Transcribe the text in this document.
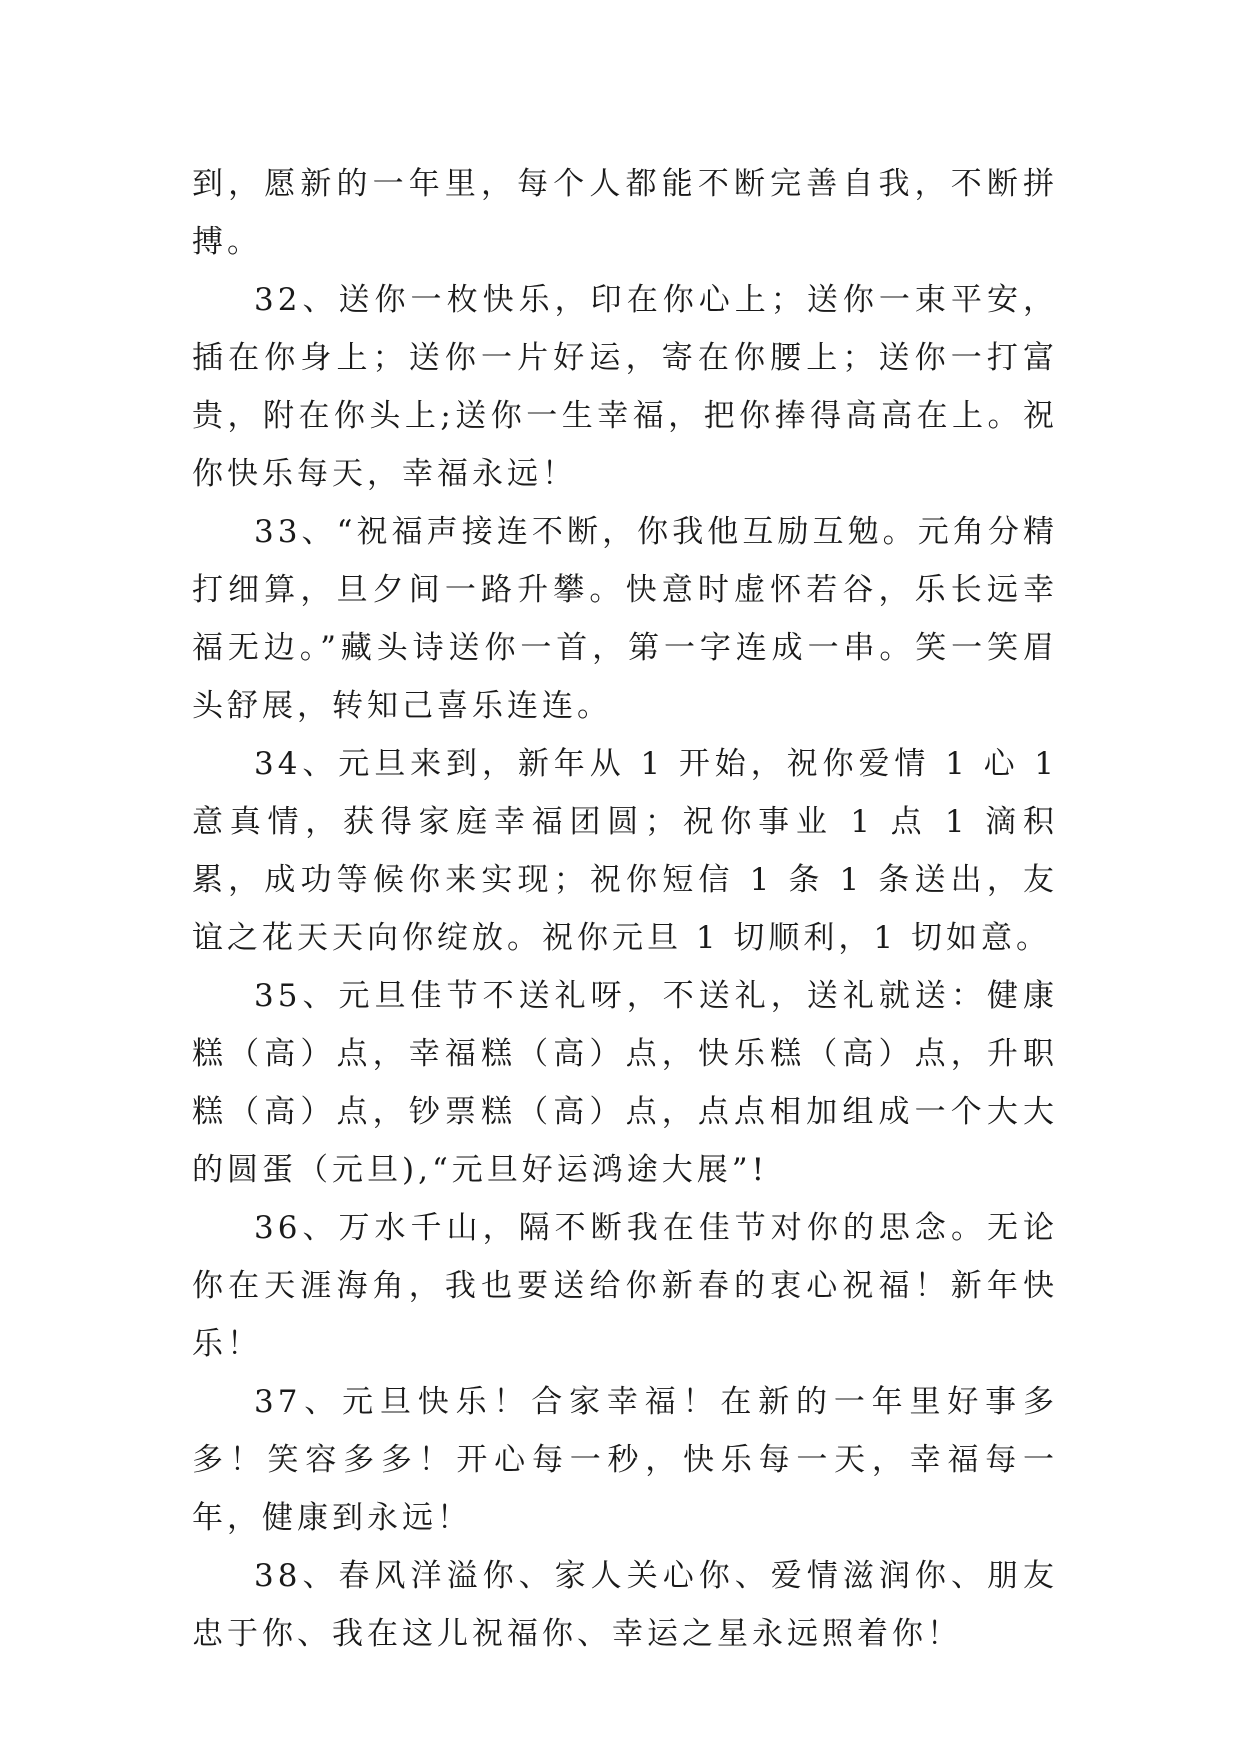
到，愿新的一年里，每个人都能不断完善自我，不断拼搏。

32、送你一枚快乐，印在你心上；送你一束平安，插在你身上；送你一片好运，寄在你腰上；送你一打富贵，附在你头上;送你一生幸福，把你捧得高高在上。祝你快乐每天，幸福永远！

33、“祝福声接连不断，你我他互励互勉。元角分精打细算，旦夕间一路升攀。快意时虚怀若谷，乐长远幸福无边。”藏头诗送你一首，第一字连成一串。笑一笑眉头舒展，转知己喜乐连连。

34、元旦来到，新年从 1 开始，祝你爱情 1 心 1 意真情，获得家庭幸福团圆；祝你事业 1 点 1 滴积累，成功等候你来实现；祝你短信 1 条 1 条送出，友谊之花天天向你绽放。祝你元旦 1 切顺利，1 切如意。

35、元旦佳节不送礼呀，不送礼，送礼就送：健康糕（高）点，幸福糕（高）点，快乐糕（高）点，升职糕（高）点，钞票糕（高）点，点点相加组成一个大大的圆蛋（元旦),“元旦好运鸿途大展”!

36、万水千山，隔不断我在佳节对你的思念。无论你在天涯海角，我也要送给你新春的衷心祝福！新年快乐！

37、元旦快乐！合家幸福！在新的一年里好事多多！笑容多多！开心每一秒，快乐每一天，幸福每一年，健康到永远！

38、春风洋溢你、家人关心你、爱情滋润你、朋友忠于你、我在这儿祝福你、幸运之星永远照着你！
